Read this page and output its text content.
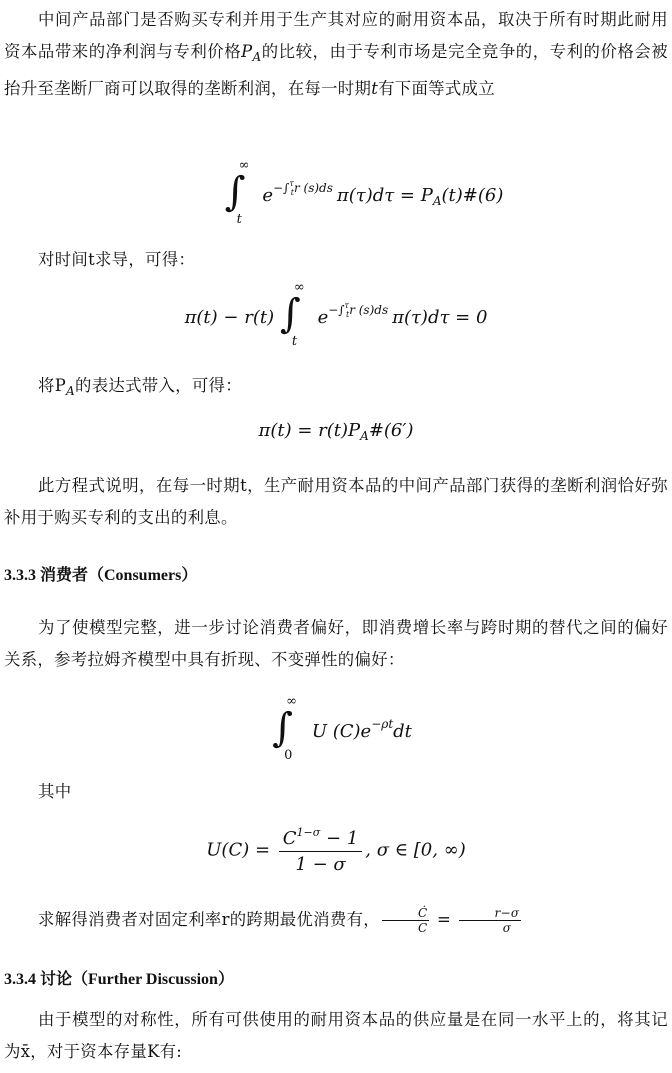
中间产品部门是否购买专利并用于生产其对应的耐用资本品，取决于所有时期此耐用资本品带来的净利润与专利价格$P_A$的比较，由于专利市场是完全竞争的，专利的价格会被抬升至垄断厂商可以取得的垄断利润，在每一时期t有下面等式成立

∫
∞
t
$e^{-\int^\tau_tr (s)ds}$ $\pi(\tau)d\tau = P_A(t)\#(6)$

对时间t求导，可得：

π(t) − r(t) ∫
∞
t
$e^{-\int^\tau_tr (s)ds}$ π(τ)dτ = 0

将$P_A$的表达式带入，可得：

$\pi(t) = r(t)P_A\#(6')$

此方程式说明，在每一时期t，生产耐用资本品的中间产品部门获得的垄断利润恰好弥补用于购买专利的支出的利息。

3.3.3 消费者（Consumers）

为了使模型完整，进一步讨论消费者偏好，即消费增长率与跨时期的替代之间的偏好关系，参考拉姆齐模型中具有折现、不变弹性的偏好：

∫
∞
0
U $(C)e^{-\rho t}dt$

其中

$U(C) = \frac{C^{1-\sigma} - 1}{1 - \sigma}$ , σ ∈ [0, ∞)

求解得消费者对固定利率r的跨期最优消费有， $\frac{Ċ}{C} = \frac{r-\sigma}{\sigma}$

3.3.4 讨论（Further Discussion）

由于模型的对称性，所有可供使用的耐用资本品的供应量是在同一水平上的，将其记为x̄，对于资本存量K有:
